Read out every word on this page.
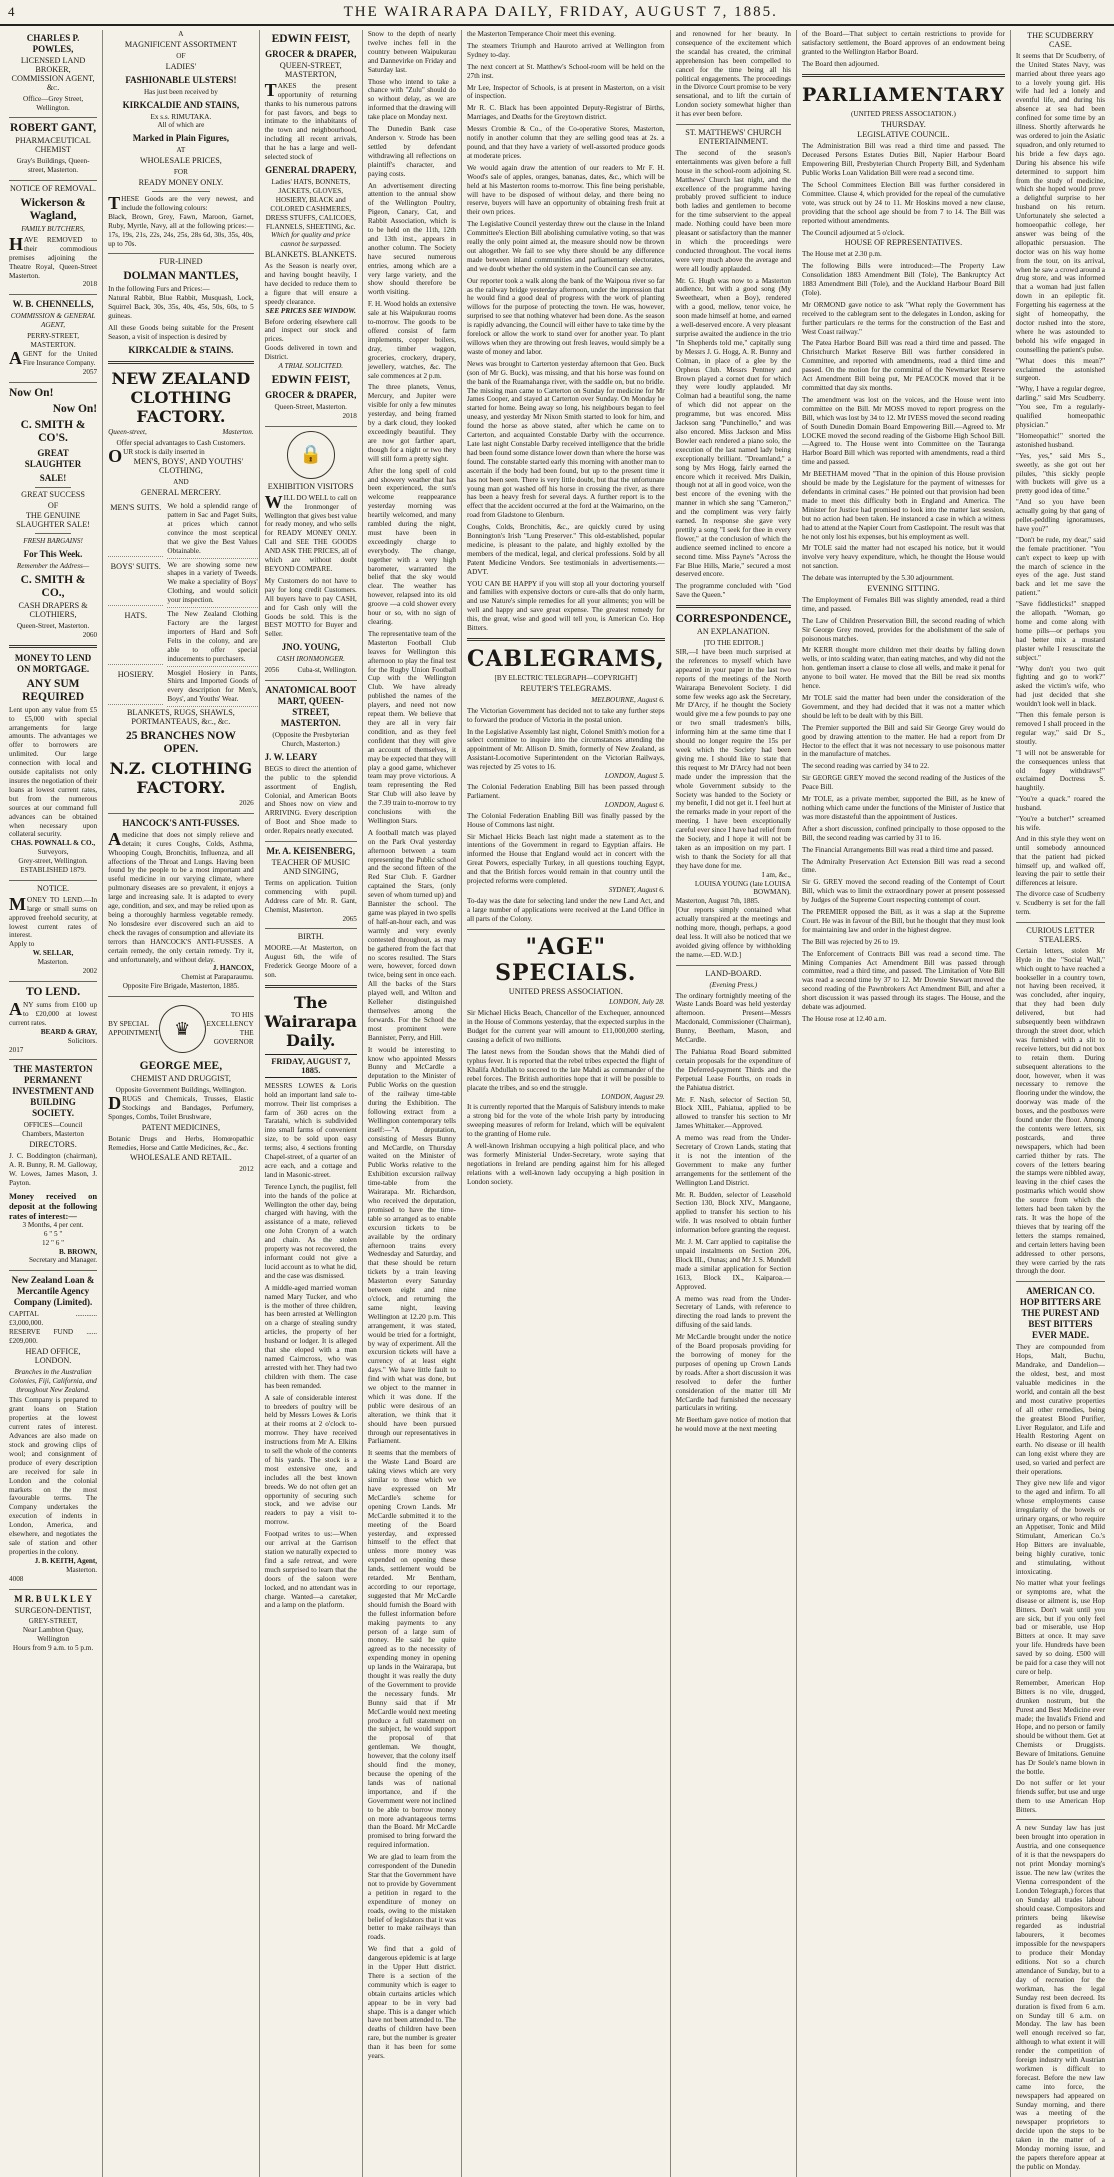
4	THE WAIRARAPA DAILY, FRIDAY, AUGUST 7, 1885.
CHARLES P. POWLES,
LICENSED LAND BROKER, COMMISSION AGENT, &c.
Office—Grey Street, Wellington.
ROBERT GANT,
PHARMACEUTICAL CHEMIST
Gray's Buildings, Queen-street, Masterton.
NOTICE OF REMOVAL.
Wickerson & Wagland,
FAMILY BUTCHERS,
HAVE REMOVED to their commodious premises adjoining the Theatre Royal, Queen-Street Masterton.
2018
W. B. CHENNELLS,
COMMISSION & GENERAL AGENT,
PERRY-STREET, MASTERTON.
AGENT for the United Fire Insurance Company.
2057
Now On!
Now On!
C. SMITH & CO'S.
GREAT SLAUGHTER
SALE!
GREAT SUCCESS
OF
THE GENUINE SLAUGHTER SALE!
FRESH BARGAINS!
For This Week.
Remember the Address—
C. SMITH & CO.,
CASH DRAPERS & CLOTHIERS,
Queen-Street, Masterton.
2060
MONEY TO LEND ON MORTGAGE.
ANY SUM REQUIRED
Lent upon any value from £5 to £5,000 with special arrangements for large amounts. The advantages we offer to borrowers are unlimited. Our large connection with local and outside capitalists not only insures the negotiation of their loans at lowest current rates, but from the numerous sources at our command full advances can be obtained when necessary upon collateral security.
CHAS. POWNALL & CO.,
Surveyors,
Grey-street, Wellington.
ESTABLISHED 1879.
NOTICE.
MONEY TO LEND.—In large or small sums on approved freehold security, at lowest current rates of interest.
Apply to
W. SELLAR,
Masterton.
2002
TO LEND.
ANY sums from £100 up to £20,000 at lowest current rates.
BEARD & GRAY,
Solicitors.
2017
THE MASTERTON PERMANENT INVESTMENT AND BUILDING SOCIETY.
OFFICES—Council Chambers, Masterton
DIRECTORS.
J. C. Boddington (chairman), A. R. Bunny, R. M. Galloway, W. Lowes, James Mason, J. Payton.
Money received on deposit at the following rates of interest:—
3 Months, 4 per cent.
6 " 5 "
12 " 6 "
B. BROWN,
Secretary and Manager.
New Zealand Loan & Mercantile Agency Company (Limited).
CAPITAL ............ £3,000,000.
RESERVE FUND ...... £209,000.
HEAD OFFICE, LONDON.
Branches in the Australian Colonies, Fiji, California, and throughout New Zealand.
This Company is prepared to grant loans on Station properties at the lowest current rates of interest. Advances are also made on stock and growing clips of wool; and consignment of produce of every description are received for sale in London and the colonial markets on the most favourable terms. The Company undertakes the execution of indents in London, America, and elsewhere, and negotiates the sale of station and other properties in the colony.
J. B. KEITH, Agent,
Masterton.
4008
M R. B U L K L E Y
SURGEON-DENTIST,
GREY-STREET,
Near Lambton Quay, Wellington
Hours from 9 a.m. to 5 p.m.
A
MAGNIFICENT ASSORTMENT
OF
LADIES'
FASHIONABLE ULSTERS!
Has just been received by
KIRKCALDIE AND STAINS,
Ex s.s. RIMUTAKA.
All of which are
Marked in Plain Figures,
AT
WHOLESALE PRICES,
FOR
READY MONEY ONLY.
THESE Goods are the very newest, and include the following colours:
Black, Brown, Grey, Fawn, Maroon, Garnet, Ruby, Myrtle, Navy, all at the following prices:—17s, 19s, 21s, 22s, 24s, 25s, 28s 6d, 30s, 35s, 40s, up to 70s.
FUR-LINED
DOLMAN MANTLES,
In the following Furs and Prices:—
Natural Rabbit, Blue Rabbit, Musquash, Lock, Squirrel Back, 30s, 35s, 40s, 45s, 50s, 60s, to 5 guineas.
All these Goods being suitable for the Present Season, a visit of inspection is desired by
KIRKCALDIE & STAINS.
NEW ZEALAND CLOTHING FACTORY.
Queen-street,	Masterton.
Offer special advantages to Cash Customers.
OUR stock is daily inserted in
MEN'S, BOYS', AND YOUTHS' CLOTHING,
AND
GENERAL MERCERY.
MEN'S SUITS. We hold a splendid range of pattern in Sac and Paget Suits, at prices which cannot convince the most sceptical that we give the Best Values Obtainable.
BOYS' SUITS. We are showing some new shapes in a variety of Tweeds. We make a speciality of Boys' Clothing, and would solicit your inspection.
HATS.	The New Zealand Clothing Factory are the largest importers of Hard and Soft Felts in the colony, and are able to offer special inducements to purchasers.
HOSIERY.	Mosgiel Hosiery in Pants, Shirts and Imported Goods of every description for Men's, Boys', and Youths' Wear.
BLANKETS, RUGS, SHAWLS, PORTMANTEAUS, &c., &c.
25 BRANCHES NOW OPEN.
N.Z. CLOTHING FACTORY.
2026
HANCOCK'S ANTI-FUSSES.
Amedicine that does not simply relieve and detain; it cures Coughs, Colds, Asthma, Whooping Cough, Bronchitis, Influenza, and all affections of the Throat and Lungs. Having been found by the people to be a most important and useful medicine in our varying climate, where pulmonary diseases are so prevalent, it enjoys a large and increasing sale. It is adapted to every age, condition, and sex, and may be relied upon as being a thoroughly harmless vegetable remedy. No lonsdesire ever discovered such an aid to check the ravages of consumption and alleviate its terrors than HANCOCK'S ANTI-FUSSES. A certain remedy, the only certain remedy. Try it, and unfortunately, and without delay.
J. HANCOX,
Chemist at Paraparaumu.
Opposite Fire Brigade, Masterton, 1885.
BY SPECIAL
APPOINTMENT ♛
TO HIS EXCELLENCY THE GOVERNOR
GEORGE MEE,
CHEMIST AND DRUGGIST,
Opposite Government Buildings, Wellington.
DRUGS and Chemicals, Trusses, Elastic Stockings and Bandages, Perfumery, Sponges, Combs, Toilet Brushware,
PATENT MEDICINES,
Botanic Drugs and Herbs, Homœopathic Remedies, Horse and Cattle Medicines, &c., &c.
WHOLESALE AND RETAIL.
2012
EDWIN FEIST,
GROCER & DRAPER,
QUEEN-STREET, MASTERTON,
TAKES the present opportunity of returning thanks to his numerous patrons for past favors, and begs to intimate to the inhabitants of the town and neighbourhood, including all recent arrivals, that he has a large and well-selected stock of
GENERAL DRAPERY,
Ladies' HATS, BONNETS, JACKETS, GLOVES, HOSIERY, BLACK and COLORED CASHMERES, DRESS STUFFS, CALICOES, FLANNELS, SHEETING, &c.
Which for quality and price cannot be surpassed.
BLANKETS. BLANKETS.
As the Season is nearly over, and having bought heavily, I have decided to reduce them to a figure that will ensure a speedy clearance.
SEE PRICES SEE WINDOW.
Before ordering elsewhere call and inspect our stock and prices.
Goods delivered in town and District.
A TRIAL SOLICITED.
EDWIN FEIST,
GROCER & DRAPER,
Queen-Street, Masterton.
2018
🔒
EXHIBITION VISITORS
WILL DO WELL to call on the Ironmonger of Wellington that gives best value for ready money, and who sells for READY MONEY ONLY. Call and SEE THE GOODS AND ASK THE PRICES, all of which are without doubt BEYOND COMPARE.
My Customers do not have to pay for long credit Customers. All buyers have to pay CASH, and for Cash only will the Goods be sold. This is the BEST MOTTO for Buyer and Seller.
JNO. YOUNG,
CASH IRONMONGER.
2056	Cuba-st, Wellington.
ANATOMICAL BOOT MART, QUEEN-STREET, MASTERTON.
(Opposite the Presbyterian Church, Masterton.)
J. W. LEARY
BEGS to direct the attention of the public to the splendid assortment of English, Colonial, and American Boots and Shoes now on view and ARRIVING. Every description of Boot and Shoe made to order. Repairs neatly executed.
Mr. A. KEISENBERG,
TEACHER OF MUSIC AND SINGING,
Terms on application. Tuition commencing with pupil. Address care of Mr. R. Gant, Chemist, Masterton.
2065
BIRTH.
MOORE.—At Masterton, on August 6th, the wife of Frederick George Moore of a son.
The Wairarapa Daily.
FRIDAY, AUGUST 7, 1885.
MESSRS LOWES & Loris hold an important land sale to-morrow. Their list comprises a farm of 360 acres on the Taratahi, which is subdivided into small farms of convenient size, to be sold upon easy terms; also, 4 sections fronting Chapel-street, of a quarter of an acre each, and a cottage and land in Masonic-street.
Terence Lynch, the pugilist, fell into the hands of the police at Wellington the other day, being charged with having, with the assistance of a mate, relieved one John Cronyn of a watch and chain. As the stolen property was not recovered, the informant could not give a lucid account as to what he did, and the case was dismissed.
A middle-aged married woman named Mary Tucker, and who is the mother of three children, has been arrested at Wellington on a charge of stealing sundry articles, the property of her husband or lodger. It is alleged that she eloped with a man named Cairncross, who was arrested with her. They had two children with them. The case has been remanded.
A sale of considerable interest to breeders of poultry will be held by Messrs Lowes & Loris at their rooms at 2 o'clock to-morrow. They have received instructions from Mr A. Elkins to sell the whole of the contents of his yards. The stock is a most extensive one, and includes all the best known breeds. We do not often get an opportunity of securing such stock, and we advise our readers to pay a visit to-morrow.
Footpad writes to us:—When our arrival at the Garrison station we naturally expected to find a safe retreat, and were much surprised to learn that the doors of the saloon were locked, and no attendant was in charge. Wanted—a caretaker, and a lamp on the platform.
Snow to the depth of nearly twelve inches fell in the country between Waipukurau and Dannevirke on Friday and Saturday last.
Those who intend to take a chance with "Zulu" should do so without delay, as we are informed that the drawing will take place on Monday next.
The Dunedin Bank case Anderson v. Strode has been settled by defendant withdrawing all reflections on plaintiff's character, and paying costs.
An advertisement directing attention to the annual show of the Wellington Poultry, Pigeon, Canary, Cat, and Rabbit Association, which is to be held on the 11th, 12th and 13th inst., appears in another column. The Society have secured numerous entries, among which are a very large variety, and the show should therefore be worth visiting.
F. H. Wood holds an extensive sale at his Waipukurau rooms to-morrow. The goods to be offered consist of farm implements, copper boilers, dray, timber waggon, groceries, crockery, drapery, jewellery, watches, &c. The sale commences at 2 p.m.
The three planets, Venus, Mercury, and Jupiter were visible for only a few minutes yesterday, and being framed by a dark cloud, they looked exceedingly beautiful. They are now got farther apart, though for a night or two they will still form a pretty sight.
After the long spell of cold and showery weather that has been experienced, the sun's welcome reappearance yesterday morning was heartily welcomed, and many rambled during the night, must have been in exceedingly charge to everybody. The change, together with a very high barometer, warranted the belief that the sky would clear. The weather has however, relapsed into its old groove —a cold shower every hour or so, with no sign of clearing.
The representative team of the Masterton Football Club leaves for Wellington this afternoon to play the final test for the Rugby Union Football Cup with the Wellington Club. We have already published the names of the players, and need not now repeat them. We believe that they are all in very fair condition, and as they feel confident that they will give an account of themselves, it may be expected that they will play a good game, whichever team may prove victorious. A team representing the Red Star Club will also leave by the 7.39 train to-morrow to try conclusions with the Wellington Stars.
A football match was played on the Park Oval yesterday afternoon between a team representing the Public school and the second fifteen of the Red Star Club. F. Gardner captained the Stars, (only seven of whom turned up) and Bannister the school. The game was played in two spells of half-an-hour each, and was warmly and very evenly contested throughout, as may be gathered from the fact that no scores resulted. The Stars were, however, forced down twice, being sent in once each. All the backs of the Stars played well, and Wilton and Kelleher distinguished themselves among the forwards. For the School the most prominent were Bannister, Perry, and Hill.
It would be interesting to know who appointed Messrs Bunny and McCardle a deputation to the Minister of Public Works on the question of the railway time-table during the Exhibition. The following extract from a Wellington contemporary tells itself:—"A deputation, consisting of Messrs Bunny and McCardle, on Thursday waited on the Minister of Public Works relative to the Exhibition excursion railway time-table from the Wairarapa. Mr. Richardson, who received the deputation, promised to have the time-table so arranged as to enable excursion tickets to be available by the ordinary afternoon trains every Wednesday and Saturday, and that these should be return tickets by a train leaving Masterton every Saturday between eight and nine o'clock, and returning the same night, leaving Wellington at 12.20 p.m. This arrangement, it was stated, would be tried for a fortnight, by way of experiment. All the excursion tickets will have a currency of at least eight days." We have little fault to find with what was done, but we object to the manner in which it was done. If the public were desirous of an alteration, we think that it should have been pursued through our representatives in Parliament.
It seems that the members of the Waste Land Board are taking views which are very similar to those which we have expressed on Mr McCardle's scheme for opening Crown Lands. Mr McCardle submitted it to the meeting of the Board yesterday, and expressed himself to the effect that unless more money was expended on opening these lands, settlement would be retarded. Mr Bentham, according to our reportage, suggested that Mr McCardle should furnish the Board with the fullest information before making payments to any person of a large sum of money. He said he quite agreed as to the necessity of expending money in opening up lands in the Wairarapa, but thought it was really the duty of the Government to provide the necessary funds. Mr Bunny said that if Mr McCardle would next meeting produce a full statement on the subject, he would support the proposal of that gentleman. We thought, however, that the colony itself should find the money, because the opening of the lands was of national importance, and if the Government were not inclined to be able to borrow money on more advantageous terms than the Board. Mr McCardle promised to bring forward the required information.
We are glad to learn from the correspondent of the Dunedin Star that the Government have not to provide by Government a petition in regard to the expenditure of money on roads, owing to the mistaken belief of legislators that it was better to make railways than roads.
We find that a gold of dangerous epidemic is at large in the Upper Hutt district. There is a section of the community which is eager to obtain curtains articles which appear to be in very bad shape. This is a danger which have not been attended to. The deaths of children have been rare, but the number is greater than it has been for some years.
the Masterton Temperance Choir meet this evening.
The steamers Triumph and Hauroto arrived at Wellington from Sydney to-day.
The next concert at St. Matthew's School-room will be held on the 27th inst.
Mr Lee, Inspector of Schools, is at present in Masterton, on a visit of inspection.
Mr R. C. Black has been appointed Deputy-Registrar of Births, Marriages, and Deaths for the Greytown district.
Messrs Crombie & Co., of the Co-operative Stores, Masterton, notify in another column that they are selling good teas at 2s. a pound, and that they have a variety of well-assorted produce goods at moderate prices.
We would again draw the attention of our readers to Mr F. H. Wood's sale of apples, oranges, bananas, dates, &c., which will be held at his Masterton rooms to-morrow. This fine being perishable, will have to be disposed of without delay, and there being no reserve, buyers will have an opportunity of obtaining fresh fruit at their own prices.
The Legislative Council yesterday threw out the clause in the Inland Committee's Election Bill abolishing cumulative voting, so that was really the only point aimed at, the measure should now be thrown out altogether. We fail to see why there should be any difference made between inland communities and parliamentary electorates, and we doubt whether the old system in the Council can see any.
Our reporter took a walk along the bank of the Waipoua river so far as the railway bridge yesterday afternoon, under the impression that he would find a good deal of progress with the work of planting willows for the purpose of protecting the town. He was, however, surprised to see that nothing whatever had been done. As the season is rapidly advancing, the Council will either have to take time by the forelock or allow the work to stand over for another year. To plant willows when they are throwing out fresh leaves, would simply be a waste of money and labor.
News was brought to Carterton yesterday afternoon that Geo. Buck (son of Mr G. Buck), was missing, and that his horse was found on the bank of the Ruamahanga river, with the saddle on, but no bridle. The missing man came to Carterton on Sunday for medicine for Mr James Cooper, and stayed at Carterton over Sunday. On Monday he started for home. Being away so long, his neighbours began to feel uneasy, and yesterday Mr Nixon Smith started to look for him, and found the horse as above stated, after which he came on to Carterton, and acquainted Constable Darby with the occurrence. Late last night Constable Darby received intelligence that the bridle had been found some distance lower down than where the horse was found. The constable started early this morning with another man to ascertain if the body had been found, but up to the present time it has not been seen. There is very little doubt, but that the unfortunate young man got washed off his horse in crossing the river, as there has been a heavy fresh for several days. A further report is to the effect that the accident occurred at the ford at the Waimarino, on the road from Gladstone to Glenburn.
Coughs, Colds, Bronchitis, &c., are quickly cured by using Bonnington's Irish "Lung Preserver." This old-established, popular medicine, is pleasant to the palate, and highly extolled by the members of the medical, legal, and clerical professions. Sold by all Patent Medicine Vendors. See testimonials in advertisements.—ADVT.
YOU CAN BE HAPPY if you will stop all your doctoring yourself and families with expensive doctors or cure-alls that do only harm, and use Nature's simple remedies for all your ailments; you will be well and happy and save great expense. The greatest remedy for this, the great, wise and good will tell you, is American Co. Hop Bitters.
CABLEGRAMS,
[BY ELECTRIC TELEGRAPH—COPYRIGHT]
REUTER'S TELEGRAMS.
MELBOURNE, August 6.
The Victorian Government has decided not to take any further steps to forward the produce of Victoria in the postal union.
In the Legislative Assembly last night, Colonel Smith's motion for a select committee to inquire into the circumstances attending the appointment of Mr. Allison D. Smith, formerly of New Zealand, as Assistant-Locomotive Superintendent on the Victorian Railways, was rejected by 25 votes to 16.
LONDON, August 5.
The Colonial Federation Enabling Bill has been passed through Parliament.
LONDON, August 6.
The Colonial Federation Enabling Bill was finally passed by the House of Commons last night.
Sir Michael Hicks Beach last night made a statement as to the intentions of the Government in regard to Egyptian affairs. He informed the House that England would act in concert with the Great Powers, especially Turkey, in all questions touching Egypt, and that the British forces would remain in that country until the projected reforms were completed.
SYDNEY, August 6.
To-day was the date for selecting land under the new Land Act, and a large number of applications were received at the Land Office in all parts of the Colony.
"AGE" SPECIALS.
UNITED PRESS ASSOCIATION.
LONDON, July 28.
Sir Michael Hicks Beach, Chancellor of the Exchequer, announced in the House of Commons yesterday, that the expected surplus in the Budget for the current year will amount to £11,000,000 sterling, causing a deficit of two millions.
The latest news from the Soudan shows that the Mahdi died of typhus fever. It is reported that the rebel tribes expected the flight of Khalifa Abdullah to succeed to the late Mahdi as commander of the rebel forces. The British authorities hope that it will be possible to placate the tribes, and so end the struggle.
LONDON, August 29.
It is currently reported that the Marquis of Salisbury intends to make a strong bid for the vote of the whole Irish party by introducing sweeping measures of reform for Ireland, which will be equivalent to the granting of Home rule.
A well-known Irishman occupying a high political place, and who was formerly Ministerial Under-Secretary, wrote saying that negotiations in Ireland are pending against him for his alleged relations with a well-known lady occupying a high position in London society.
and renowned for her beauty. In consequence of the excitement which the scandal has created, the criminal apprehension has been compelled to cancel for the time being all his political engagements. The proceedings in the Divorce Court promise to be very sensational, and to lift the curtain of London society somewhat higher than it has ever been before.
ST. MATTHEWS' CHURCH ENTERTAINMENT.
The second of the season's entertainments was given before a full house in the school-room adjoining St. Matthews' Church last night, and the excellence of the programme having probably proved sufficient to induce both ladies and gentlemen to become for the time subservient to the appeal made. Nothing could have been more pleasant or satisfactory than the manner in which the proceedings were conducted throughout. The vocal items were very much above the average and were all loudly applauded.
Mr. G. Hugh was now to a Masterton audience, but with a good song (My Sweetheart, when a Boy), rendered with a good, mellow, tenor voice, he soon made himself at home, and earned a well-deserved encore. A very pleasant surprise awaited the audience in the trio "In Shepherds told me," capitally sung by Messrs J. G. Hogg, A. R. Bunny and Colman, in place of a glee by the Orpheus Club. Messrs Pentney and Brown played a cornet duet for which they were loudly applauded. Mr Colman had a beautiful song, the name of which did not appear on the programme, but was encored. Miss Jackson sang "Punchinello," and was also encored. Miss Jackson and Miss Bowler each rendered a piano solo, the execution of the last named lady being exceptionally brilliant. "Dreamland," a song by Mrs Hogg, fairly earned the encore which it received. Mrs Daikin, though not at all in good voice, won the best encore of the evening with the manner in which she sang "Cameron," and the compliment was very fairly earned. In response she gave very prettily a song "I seek for thee in every flower," at the conclusion of which the audience seemed inclined to encore a second time. Miss Payne's "Across the Far Blue Hills, Marie," secured a most deserved encore.
The programme concluded with "God Save the Queen."
CORRESPONDENCE,
AN EXPLANATION.
[TO THE EDITOR.]
SIR,—I have been much surprised at the references to myself which have appeared in your paper in the last two reports of the meetings of the North Wairarapa Benevolent Society. I did some few weeks ago ask the Secretary, Mr D'Arcy, if he thought the Society would give me a few pounds to pay one or two small tradesmen's bills, informing him at the same time that I should no longer require the 15s per week which the Society had been giving me. I should like to state that this request to Mr D'Arcy had not been made under the impression that the whole Government subsidy to the Society was handed to the Society or my benefit, I did not get it. I feel hurt at the remarks made in your report of the meeting. I have been exceptionally careful ever since I have had relief from the Society, and I hope it will not be taken as an imposition on my part. I wish to thank the Society for all that they have done for me.
I am, &c.,
LOUISA YOUNG (late LOUISA BOWMAN).
Masterton, August 7th, 1885.
[Our reports simply contained what actually transpired at the meetings and nothing more, though, perhaps, a good deal less. It will also be noticed that we avoided giving offence by withholding the name.—ED. W.D.]
LAND-BOARD.
(Evening Press.)
The ordinary fortnightly meeting of the Waste Lands Board was held yesterday afternoon. Present—Messrs Macdonald, Commissioner (Chairman), Bunny, Beetham, Mason, and McCardle.
The Pahiatua Road Board submitted certain proposals for the expenditure of the Deferred-payment Thirds and the Perpetual Lease Fourths, on roads in the Pahiatua district.
Mr. F. Nash, selector of Section 50, Block XIII., Pahiatua, applied to be allowed to transfer his section to Mr James Whittaker.—Approved.
A memo was read from the Under-Secretary of Crown Lands, stating that it is not the intention of the Government to make any further arrangements for the settlement of the Wellington Land District.
Mr. R. Budden, selector of Leasehold Section 130, Block XIV., Mangaone, applied to transfer his section to his wife. It was resolved to obtain further information before granting the request.
Mr. J. M. Carr applied to capitalise the unpaid instalments on Section 206, Block III., Ounas; and Mr J. S. Mundell made a similar application for Section 1613, Block IX., Kaiparoa.—Approved.
A memo was read from the Under-Secretary of Lands, with reference to directing the road lands to prevent the diffusing of the said lands.
Mr McCardle brought under the notice of the Board proposals providing for the borrowing of money for the purposes of opening up Crown Lands by roads. After a short discussion it was resolved to defer the further consideration of the matter till Mr McCardle had furnished the necessary particulars in writing.
Mr Beetham gave notice of motion that he would move at the next meeting
of the Board—That subject to certain restrictions to provide for satisfactory settlement, the Board approves of an endowment being granted to the Wellington Harbor Board.
The Board then adjourned.
PARLIAMENTARY
(UNITED PRESS ASSOCIATION.)
THURSDAY.
LEGISLATIVE COUNCIL.
The Administration Bill was read a third time and passed. The Deceased Persons Estates Duties Bill, Napier Harbour Board Empowering Bill, Presbyterian Church Property Bill, and Sydenham Public Works Loan Validation Bill were read a second time.
The School Committees Election Bill was further considered in Committee. Clause 4, which provided for the repeal of the cumulative vote, was struck out by 24 to 11. Mr Hoskins moved a new clause, providing that the school age should be from 7 to 14. The Bill was reported without amendments.
The Council adjourned at 5 o'clock.
HOUSE OF REPRESENTATIVES.
The House met at 2.30 p.m.
The following Bills were introduced:—The Property Law Consolidation 1883 Amendment Bill (Tole), The Bankruptcy Act 1883 Amendment Bill (Tole), and the Auckland Harbour Board Bill (Tole).
Mr ORMOND gave notice to ask "What reply the Government has received to the cablegram sent to the delegates in London, asking for further particulars re the terms for the construction of the East and West Coast railway."
The Patea Harbor Board Bill was read a third time and passed. The Christchurch Market Reserve Bill was further considered in Committee, and reported with amendments, read a third time and passed. On the motion for the committal of the Newmarket Reserve Act Amendment Bill being put, Mr PEACOCK moved that it be committed that day six months.
The amendment was lost on the voices, and the House went into committee on the Bill. Mr MOSS moved to report progress on the Bill, which was lost by 34 to 12. Mr IVESS moved the second reading of South Dunedin Domain Board Empowering Bill.—Agreed to. Mr LOCKE moved the second reading of the Gisborne High School Bill.—Agreed to. The House went into Committee on the Tauranga Harbor Board Bill which was reported with amendments, read a third time and passed.
Mr BEETHAM moved "That in the opinion of this House provision should be made by the Legislature for the payment of witnesses for defendants in criminal cases." He pointed out that provision had been made to meet this difficulty both in England and America. The Minister for Justice had promised to look into the matter last session, but no action had been taken. He instanced a case in which a witness had to attend at the Napier Court from Castlepoint. The result was that he not only lost his expenses, but his employment as well.
Mr TOLE said the matter had not escaped his notice, but it would involve very heavy expenditure, which, he thought the House would not sanction.
The debate was interrupted by the 5.30 adjournment.
EVENING SITTING.
The Employment of Females Bill was slightly amended, read a third time, and passed.
The Law of Children Preservation Bill, the second reading of which Sir George Grey moved, provides for the abolishment of the sale of poisonous matches.
Mr KERR thought more children met their deaths by falling down wells, or into scalding water, than eating matches, and why did not the hon. gentleman insert a clause to close all wells, and make it penal for anyone to boil water. He moved that the Bill be read six months hence.
Mr TOLE said the matter had been under the consideration of the Government, and they had decided that it was not a matter which should be left to be dealt with by this Bill.
The Premier supported the Bill and said Sir George Grey would do good by drawing attention to the matter. He had a report from Dr Hector to the effect that it was not necessary to use poisonous matter in the manufacture of matches.
The second reading was carried by 34 to 22.
Sir GEORGE GREY moved the second reading of the Justices of the Peace Bill.
Mr TOLE, as a private member, supported the Bill, as he knew of nothing which came under the functions of the Minister of Justice that was more distasteful than the appointment of Justices.
After a short discussion, confined principally to those opposed to the Bill, the second reading was carried by 31 to 16.
The Financial Arrangements Bill was read a third time and passed.
The Admiralty Preservation Act Extension Bill was read a second time.
Sir G. GREY moved the second reading of the Contempt of Court Bill, which was to limit the extraordinary power at present possessed by Judges of the Supreme Court respecting contempt of court.
The PREMIER opposed the Bill, as it was a slap at the Supreme Court. He was in favour of the Bill, but he thought that they must look for maintaining law and order in the highest degree.
The Bill was rejected by 26 to 19.
The Enforcement of Contracts Bill was read a second time. The Mining Companies Act Amendment Bill was passed through committee, read a third time, and passed. The Limitation of Vote Bill was read a second time by 37 to 12. Mr Downie Stewart moved the second reading of the Pawnbrokers Act Amendment Bill, and after a short discussion it was passed through its stages. The House, and the debate was adjourned.
The House rose at 12.40 a.m.
THE SCUDBERRY CASE.
It seems that Dr Scudberry, of the United States Navy, was married about three years ago to a lovely young girl. His wife had led a lonely and eventful life, and during his absence at sea had been confined for some time by an illness. Shortly afterwards he was ordered to join the Asiatic squadron, and only returned to his bride a few days ago. During his absence his wife determined to support him from the study of medicine, which she hoped would prove a delightful surprise to her husband on his return. Unfortunately she selected a homoeopathic college, her answer was being of the allopathic persuasion. The doctor was on his way home from the tour, on its arrival, when he saw a crowd around a drug store, and was informed that a woman had just fallen down in an epileptic fit. Forgetting his eagerness at the sight of homeopathy, the doctor rushed into the store, where he was astounded to behold his wife engaged in counselling the patient's pulse.
"What does this mean?" exclaimed the astonished surgeon.
"Why, I have a regular degree, darling," said Mrs Scudberry. "You see, I'm a regularly-qualified homeopathic physician."
"Homeopathic!" snorted the astonished husband.
"Yes, yes," said Mrs S., sweetly, as she got out her pilules, "this sickly people with buckets will give us a pretty good idea of time."
"And so you have been actually going by that gang of pellet-peddling ignoramuses, have you?"
"Don't be rude, my dear," said the female practitioner. "You can't expect to keep up with the march of science in the eyes of the age. Just stand back and let me save the patient."
"Save fiddlesticks!" snapped the allopath. "Woman, go home and come along with home pills—or perhaps you had better mix a mustard plaster while I resuscitate the subject."
"Why don't you two quit fighting and go to work?" asked the victim's wife, who had just decided that she wouldn't look well in black.
"Then this female person is removed I shall proceed in the regular way," said Dr S., stoutly.
"I will not be answerable for the consequences unless that old fogey withdraws!" exclaimed Doctress S. haughtily.
"You're a quack." roared the husband.
"You're a butcher!" screamed his wife.
And in this style they went on until somebody announced that the patient had picked himself up, and walked off, leaving the pair to settle their differences at leisure.
The divorce case of Scudberry v. Scudberry is set for the fall term.
CURIOUS LETTER STEALERS.
Certain letters, stolen Mr Hyde in the "Social Wall," which ought to have reached a bookseller in a country town, not having been received, it was concluded, after inquiry, that they had been duly delivered, but had subsequently been withdrawn through the street door, which was furnished with a slit to receive letters, but did not box to retain them. During subsequent alterations to the door, however, when it was necessary to remove the flooring under the window, the doorway was made of the boxes, and the postboxes were found under the floor. Among the contents were letters, six postcards, and three newspapers, which had been carried thither by rats. The covers of the letters bearing the stamps were nibbled away, leaving in the chief cases the postmarks which would show the source from which the letters had been taken by the rats. It was the hope of the thieves that by tearing off the letters the stamps remained, and certain letters having been addressed to other persons, they were carried by the rats through the door.
AMERICAN CO. HOP BITTERS ARE THE PUREST AND BEST BITTERS EVER MADE.
They are compounded from Hops, Malt, Buchu, Mandrake, and Dandelion—the oldest, best, and most valuable medicines in the world, and contain all the best and most curative properties of all other remedies, being the greatest Blood Purifier, Liver Regulator, and Life and Health Restoring Agent on earth. No disease or ill health can long exist where they are used, so varied and perfect are their operations.
They give new life and vigor to the aged and infirm. To all whose employments cause irregularity of the bowels or urinary organs, or who require an Appetiser, Tonic and Mild Stimulant, American Co.'s Hop Bitters are invaluable, being highly curative, tonic and stimulating, without intoxicating.
No matter what your feelings or symptoms are, what the disease or ailment is, use Hop Bitters. Don't wait until you are sick, but if you only feel bad or miserable, use Hop Bitters at once. It may save your life. Hundreds have been saved by so doing. £500 will be paid for a case they will not cure or help.
Remember, American Hop Bitters is no vile, drugged, drunken nostrum, but the Purest and Best Medicine ever made; the Invalid's Friend and Hope, and no person or family should be without them. Get at Chemists or Druggists. Beware of Imitations. Genuine has Dr Soule's name blown in the bottle.
Do not suffer or let your friends suffer, but use and urge them to use American Hop Bitters.
A new Sunday law has just been brought into operation in Austria, and one consequence of it is that the newspapers do not print Monday morning's issue. The new law (writes the Vienna correspondent of the London Telegraph,) forces that on Sunday all trades labour should cease. Compositors and printers being likewise regarded as industrial labourers, it becomes impossible for the newspapers to produce their Monday editions. Not so a church attendance of Sunday, but to a day of recreation for the workman, has the legal Sunday rest been decreed. Its duration is fixed from 6 a.m. on Sunday till 6 a.m. on Monday. The law has been well enough received so far, although to what extent it will render the competition of foreign industry with Austrian workmen is difficult to forecast. Before the new law came into force, the newspapers had appeared on Sunday morning, and there was a meeting of the newspaper proprietors to decide upon the steps to be taken in the matter of a Monday morning issue, and the papers therefore appear at the public on Monday.
